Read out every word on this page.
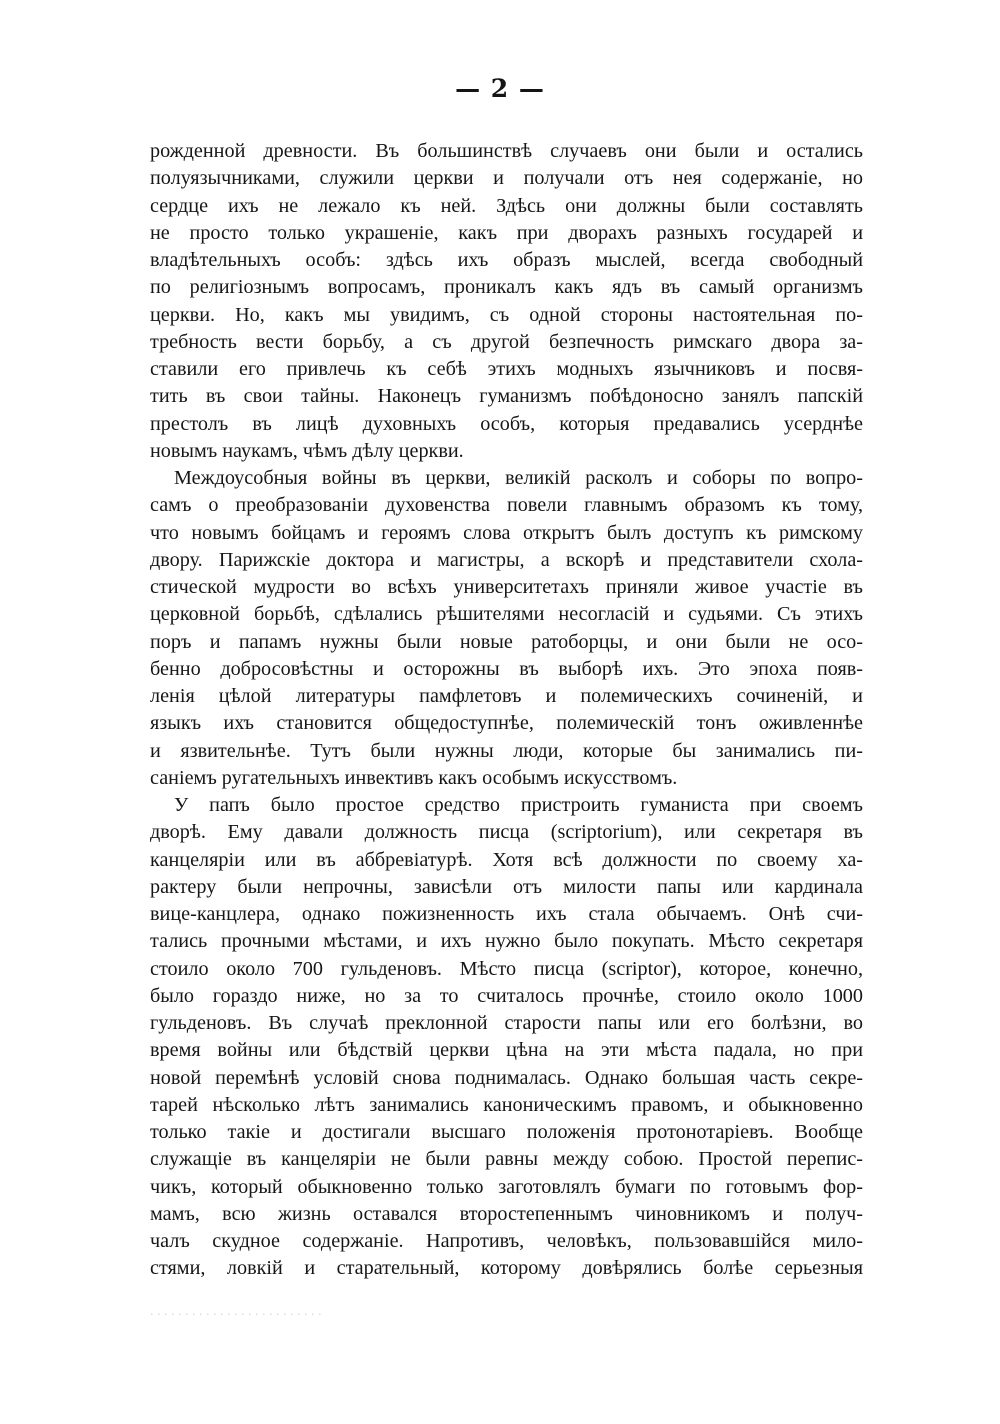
— 2 —
рожденной древности. Въ большинствѣ случаевъ они были и остались
полуязычниками, служили церкви и получали отъ нея содержаніе, но
сердце ихъ не лежало къ ней. Здѣсь они должны были составлять
не просто только украшеніе, какъ при дворахъ разныхъ государей и
владѣтельныхъ особъ: здѣсь ихъ образъ мыслей, всегда свободный
по религіознымъ вопросамъ, проникалъ какъ ядъ въ самый организмъ
церкви. Но, какъ мы увидимъ, съ одной стороны настоятельная по-
требность вести борьбу, а съ другой безпечность римскаго двора за-
ставили его привлечь къ себѣ этихъ модныхъ язычниковъ и посвя-
тить въ свои тайны. Наконецъ гуманизмъ побѣдоносно занялъ папскій
престолъ въ лицѣ духовныхъ особъ, которыя предавались усерднѣе
новымъ наукамъ, чѣмъ дѣлу церкви.
Междоусобныя войны въ церкви, великій расколъ и соборы по вопро-
самъ о преобразованіи духовенства повели главнымъ образомъ къ тому,
что новымъ бойцамъ и героямъ слова открытъ былъ доступъ къ римскому
двору. Парижскіе доктора и магистры, а вскорѣ и представители схола-
стической мудрости во всѣхъ университетахъ приняли живое участіе въ
церковной борьбѣ, сдѣлались рѣшителями несогласій и судьями. Съ этихъ
поръ и папамъ нужны были новые ратоборцы, и они были не осо-
бенно добросовѣстны и осторожны въ выборѣ ихъ. Это эпоха появ-
ленія цѣлой литературы памфлетовъ и полемическихъ сочиненій, и
языкъ ихъ становится общедоступнѣе, полемическій тонъ оживленнѣе
и язвительнѣе. Тутъ были нужны люди, которые бы занимались пи-
саніемъ ругательныхъ инвективъ какъ особымъ искусствомъ.
У папъ было простое средство пристроить гуманиста при своемъ
дворѣ. Ему давали должность писца (scriptorium), или секретаря въ
канцеляріи или въ аббревіатурѣ. Хотя всѣ должности по своему ха-
рактеру были непрочны, зависѣли отъ милости папы или кардинала
вице-канцлера, однако пожизненность ихъ стала обычаемъ. Онѣ счи-
тались прочными мѣстами, и ихъ нужно было покупать. Мѣсто секретаря
стоило около 700 гульденовъ. Мѣсто писца (scriptor), которое, конечно,
было гораздо ниже, но за то считалось прочнѣе, стоило около 1000
гульденовъ. Въ случаѣ преклонной старости папы или его болѣзни, во
время войны или бѣдствій церкви цѣна на эти мѣста падала, но при
новой перемѣнѣ условій снова поднималась. Однако большая часть секре-
тарей нѣсколько лѣтъ занимались каноническимъ правомъ, и обыкновенно
только такіе и достигали высшаго положенія протонотаріевъ. Вообще
служащіе въ канцеляріи не были равны между собою. Простой перепис-
чикъ, который обыкновенно только заготовлялъ бумаги по готовымъ фор-
мамъ, всю жизнь оставался второстепеннымъ чиновникомъ и получ-
чалъ скудное содержаніе. Напротивъ, человѣкъ, пользовавшійся мило-
стями, ловкій и старательный, которому довѣрялись болѣе серьезныя
. . . . . . . . . . . . . . . . . . . . . . . . .
